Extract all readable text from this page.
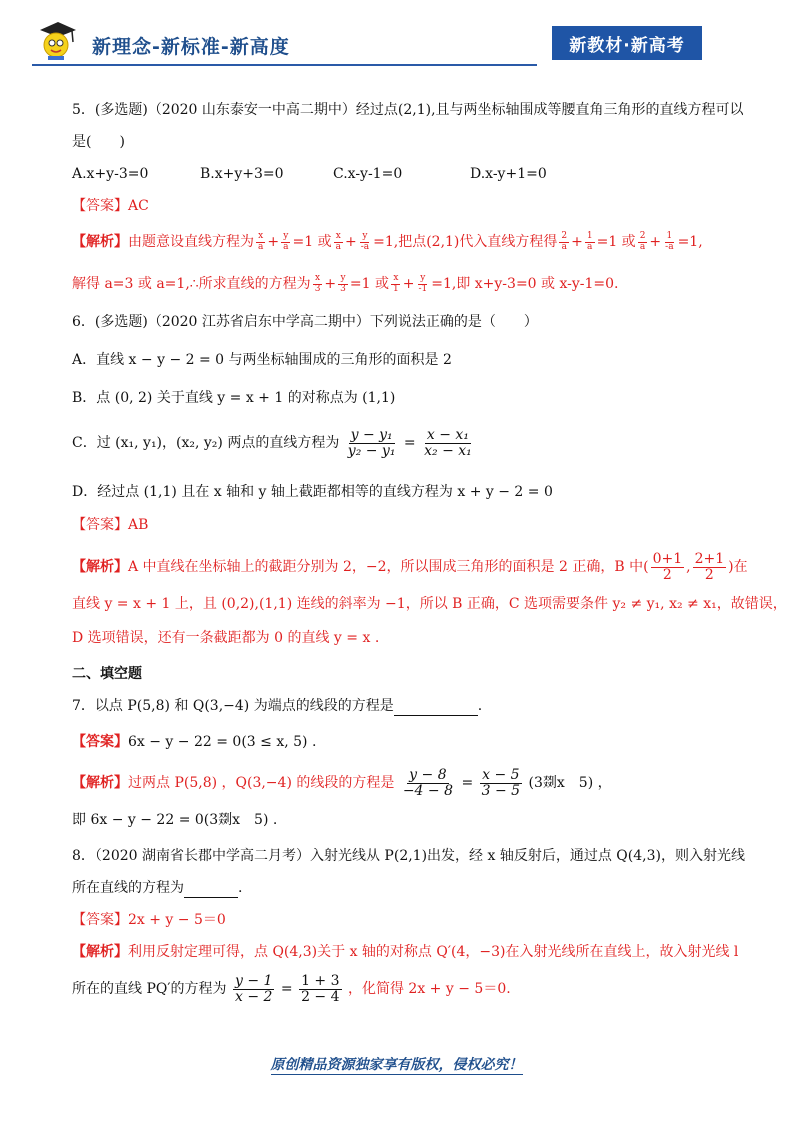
新理念-新标准-新高度	新教材·新高考
5．(多选题)（2020 山东泰安一中高二期中）经过点(2,1),且与两坐标轴围成等腰直角三角形的直线方程可以
是(　　)
A.x+y-3=0	B.x+y+3=0	C.x-y-1=0	D.x-y+1=0
【答案】AC
【解析】由题意设直线方程为 $\frac{x}{a} + \frac{y}{a} =1$ 或 $\frac{x}{a} + \frac{y}{-a} =1$,把点(2,1)代入直线方程得 $\frac{2}{a} + \frac{1}{a} =1$ 或 $\frac{2}{a} + \frac{1}{-a} =1$,
解得 a=3 或 a=1,∴所求直线的方程为 $\frac{x}{3} + \frac{y}{3} =1$ 或 $\frac{x}{1} + \frac{y}{-1} =1$,即 x+y-3=0 或 x-y-1=0.
6．(多选题)（2020 江苏省启东中学高二期中）下列说法正确的是（　　）
A．直线 x − y − 2 = 0 与两坐标轴围成的三角形的面积是 2
B．点 (0, 2) 关于直线 y = x + 1 的对称点为 (1,1)
C．过 (x₁, y₁)，(x₂, y₂) 两点的直线方程为 $\frac{\text{y − y₁}}{\text{y₂ − y₁}} = \frac{\text{x − x₁}}{\text{x₂ − x₁}}$
D．经过点 (1,1) 且在 x 轴和 y 轴上截距都相等的直线方程为 x + y − 2 = 0
【答案】AB
【解析】A 中直线在坐标轴上的截距分别为 2，−2，所以围成三角形的面积是 2 正确，B 中( $\frac{0+1}{2}$ , $\frac{2+1}{2}$ )在
直线 y = x + 1 上，且 (0,2),(1,1) 连线的斜率为 −1，所以 B 正确，C 选项需要条件 y₂ ≠ y₁, x₂ ≠ x₁，故错误，
D 选项错误，还有一条截距都为 0 的直线 y = x .
二、填空题
7．以点 P(5,8) 和 Q(3,−4) 为端点的线段的方程是	.
【答案】6x − y − 22 = 0(3 ≤ x, 5) .
【解析】过两点 P(5,8) ，Q(3,−4) 的线段的方程是 $\frac{y - 8}{-4 - 8} = \frac{x - 5}{3 - 5} (3$剟x　5) ，
即 6x − y − 22 = 0(3剟x　5) .
8．（2020 湖南省长郡中学高二月考）入射光线从 P(2,1)出发，经 x 轴反射后，通过点 Q(4,3)，则入射光线
所在直线的方程为	.
【答案】2x + y − 5＝0
【解析】利用反射定理可得，点 Q(4,3)关于 x 轴的对称点 Q′(4，−3)在入射光线所在直线上，故入射光线 l
所在的直线 PQ′的方程为 $\frac{y - 1}{x - 2} = \frac{1 + 3}{2 - 4}$ ，化简得 2x + y − 5＝0.
原创精品资源独家享有版权，侵权必究！
